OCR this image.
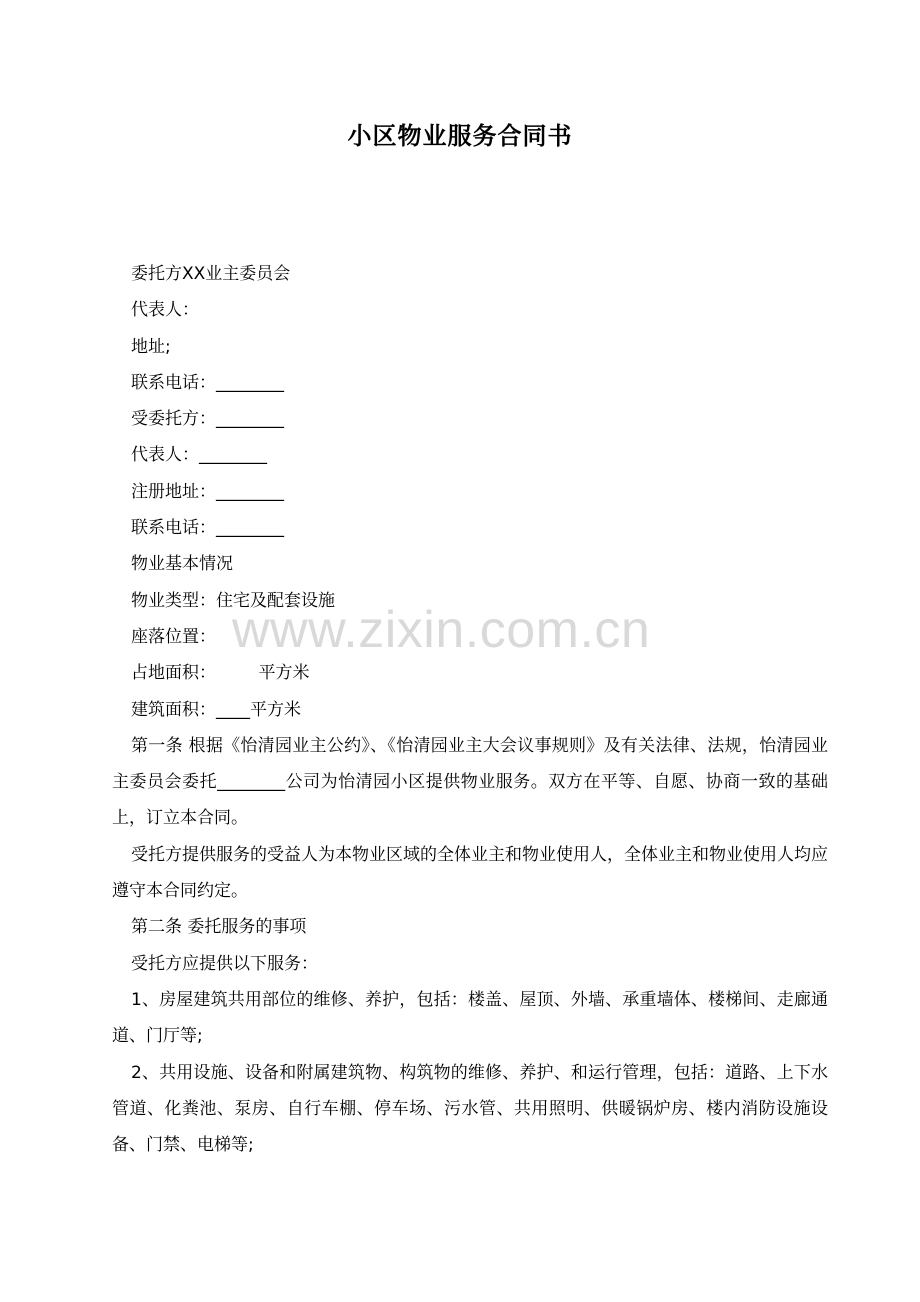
小区物业服务合同书
www.zixin.com.cn
委托方XX业主委员会
代表人：
地址;
联系电话：________
受委托方：________
代表人：________
注册地址：________
联系电话：________
物业基本情况
物业类型：住宅及配套设施
座落位置：
占地面积：　　　平方米
建筑面积：____平方米
第一条 根据《怡清园业主公约》、《怡清园业主大会议事规则》及有关法律、法规，怡清园业主委员会委托________公司为怡清园小区提供物业服务。双方在平等、自愿、协商一致的基础上，订立本合同。
受托方提供服务的受益人为本物业区域的全体业主和物业使用人，全体业主和物业使用人均应遵守本合同约定。
第二条 委托服务的事项
受托方应提供以下服务：
1、房屋建筑共用部位的维修、养护，包括：楼盖、屋顶、外墙、承重墙体、楼梯间、走廊通道、门厅等;
2、共用设施、设备和附属建筑物、构筑物的维修、养护、和运行管理，包括：道路、上下水管道、化粪池、泵房、自行车棚、停车场、污水管、共用照明、供暖锅炉房、楼内消防设施设备、门禁、电梯等;
